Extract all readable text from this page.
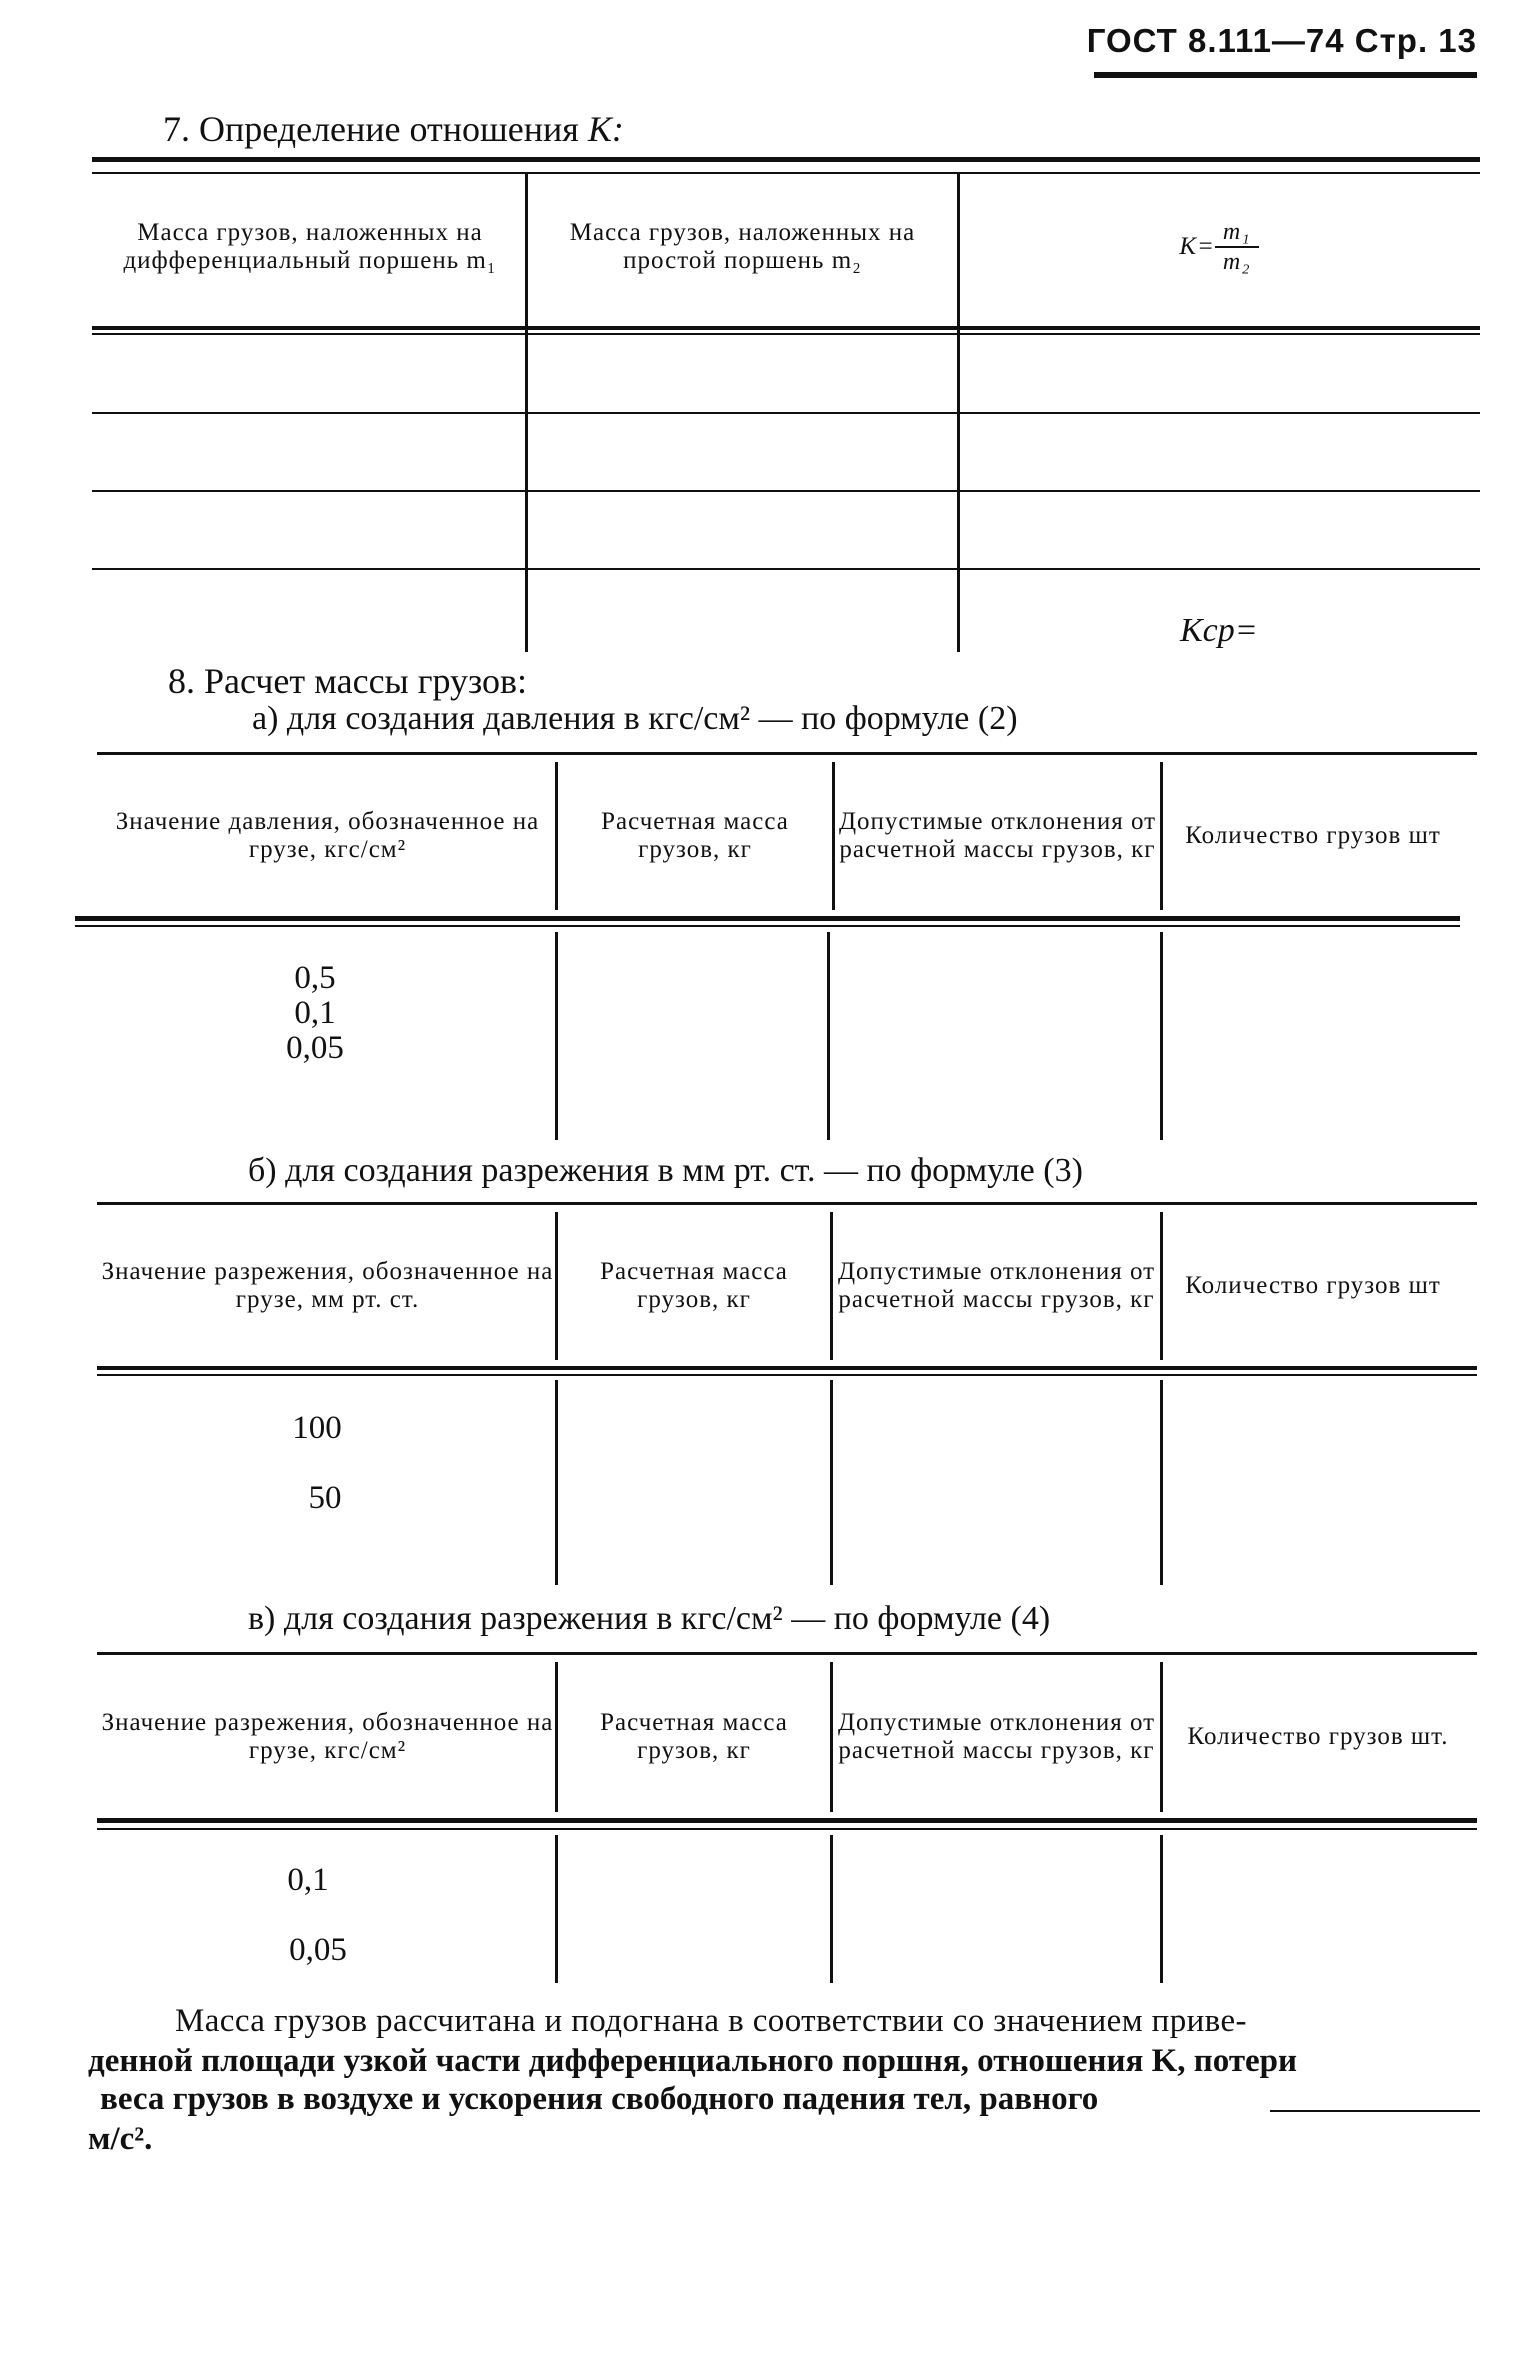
ГОСТ 8.111—74 Стр. 13
7. Определение отношения K:
Масса грузов, наложенных на дифференциальный поршень m₁
Масса грузов, наложенных на простой поршень m₂
$K= \frac{\text{m₁}}{\text{m₂}}$
Kср=
8. Расчет массы грузов:
а) для создания давления в кгс/см² — по формуле (2)
Значение давления, обозначенное на грузе, кгс/см²
Расчетная масса грузов, кг
Допустимые отклонения от расчетной массы грузов, кг
Количество грузов шт
0,5
0,1
0,05
б) для создания разрежения в мм рт. ст. — по формуле (3)
Значение разрежения, обозначенное на грузе, мм рт. ст.
Расчетная масса грузов, кг
Допустимые отклонения от расчетной массы грузов, кг
Количество грузов шт
100
50
в) для создания разрежения в кгс/см² — по формуле (4)
Значение разрежения, обозначенное на грузе, кгс/см²
Расчетная масса грузов, кг
Допустимые отклонения от расчетной массы грузов, кг
Количество грузов шт.
0,1
0,05
Масса грузов рассчитана и подогнана в соответствии со значением приве-
денной площади узкой части дифференциального поршня, отношения K, потери
веса грузов в воздухе и ускорения свободного падения тел, равного
м/с².
